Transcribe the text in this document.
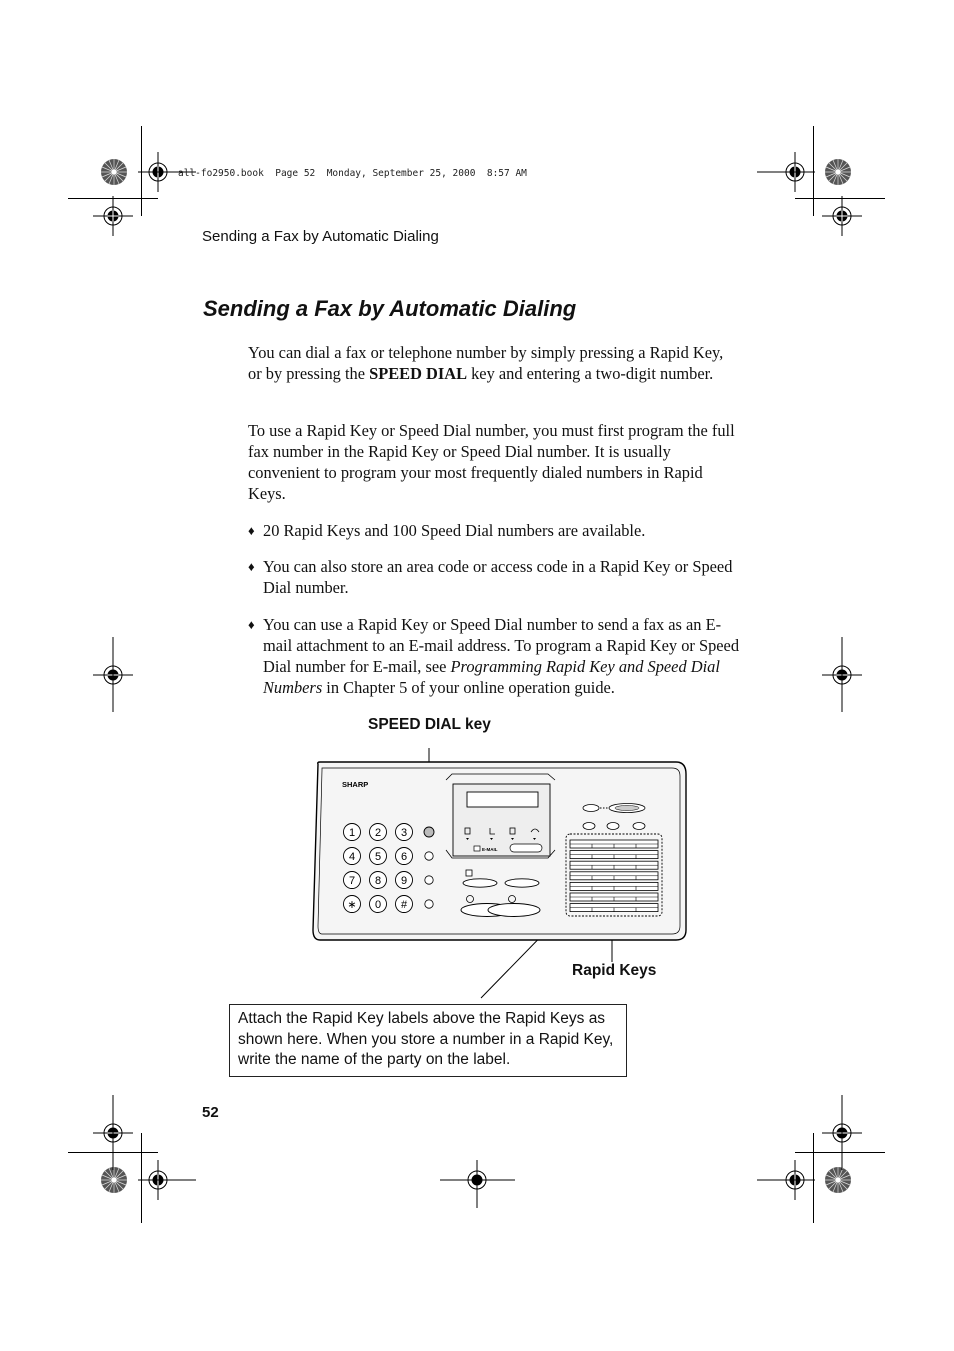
all-fo2950.book  Page 52  Monday, September 25, 2000  8:57 AM
Sending a Fax by Automatic Dialing
Sending a Fax by Automatic Dialing

You can dial a fax or telephone number by simply pressing a Rapid Key, or by pressing the SPEED DIAL key and entering a two-digit number.

To use a Rapid Key or Speed Dial number, you must first program the full fax number in the Rapid Key or Speed Dial number. It is usually convenient to program your most frequently dialed numbers in Rapid Keys.

♦ 20 Rapid Keys and 100 Speed Dial numbers are available.
♦ You can also store an area code or access code in a Rapid Key or Speed Dial number.
♦ You can use a Rapid Key or Speed Dial number to send a fax as an E-mail attachment to an E-mail address. To program a Rapid Key or Speed Dial number for E-mail, see Programming Rapid Key and Speed Dial Numbers in Chapter 5 of your online operation guide.
SPEED DIAL key
Rapid Keys
SHARP
1 2 3
4 5 6
7 8 9
∗ 0 #
E-MAIL
Attach the Rapid Key labels above the Rapid Keys as shown here. When you store a number in a Rapid Key, write the name of the party on the label.
52
